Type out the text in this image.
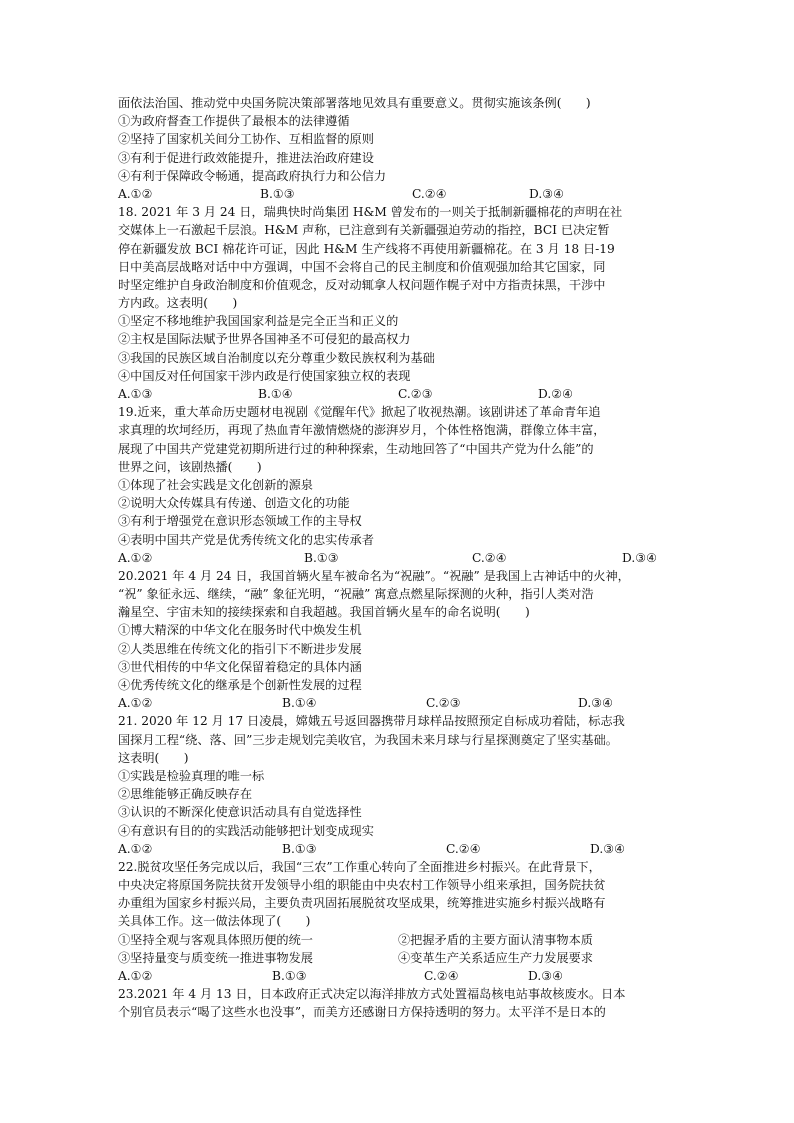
面依法治国、推动党中央国务院决策部署落地见效具有重要意义。贯彻实施该条例(　　)
①为政府督查工作提供了最根本的法律遵循
②坚持了国家机关间分工协作、互相监督的原则
③有利于促进行政效能提升，推进法治政府建设
④有利于保障政令畅通，提高政府执行力和公信力
A.①②	B.①③	C.②④	D.③④
18. 2021 年 3 月 24 日，瑞典快时尚集团 H&M 曾发布的一则关于抵制新疆棉花的声明在社
交媒体上一石激起千层浪。H&M 声称，已注意到有关新疆强迫劳动的指控，BCI 已决定暂
停在新疆发放 BCI 棉花许可证，因此 H&M 生产线将不再使用新疆棉花。在 3 月 18 日-19
日中美高层战略对话中中方强调，中国不会将自己的民主制度和价值观强加给其它国家，同
时坚定维护自身政治制度和价值观念，反对动辄拿人权问题作幌子对中方指责抹黑，干涉中
方内政。这表明(　　)
①坚定不移地维护我国国家利益是完全正当和正义的
②主权是国际法赋予世界各国神圣不可侵犯的最高权力
③我国的民族区域自治制度以充分尊重少数民族权利为基础
④中国反对任何国家干涉内政是行使国家独立权的表现
A.①③	B.①④	C.②③	D.②④
19.近来，重大革命历史题材电视剧《觉醒年代》掀起了收视热潮。该剧讲述了革命青年追
求真理的坎坷经历，再现了热血青年激情燃烧的澎湃岁月，个体性格饱满，群像立体丰富，
展现了中国共产党建党初期所进行过的种种探索，生动地回答了“中国共产党为什么能”的
世界之问，该剧热播(　　)
①体现了社会实践是文化创新的源泉
②说明大众传媒具有传递、创造文化的功能
③有利于增强党在意识形态领域工作的主导权
④表明中国共产党是优秀传统文化的忠实传承者
A.①②	B.①③	C.②④	D.③④
20.2021 年 4 月 24 日，我国首辆火星车被命名为“祝融”。“祝融” 是我国上古神话中的火神，
“祝” 象征永远、继续，“融” 象征光明，“祝融” 寓意点燃星际探测的火种，指引人类对浩
瀚星空、宇宙未知的接续探索和自我超越。我国首辆火星车的命名说明(　　)
①博大精深的中华文化在服务时代中焕发生机
②人类思维在传统文化的指引下不断进步发展
③世代相传的中华文化保留着稳定的具体内涵
④优秀传统文化的继承是个创新性发展的过程
A.①②	B.①④	C.②③	D.③④
21. 2020 年 12 月 17 日凌晨，嫦娥五号返回器携带月球样品按照预定自标成功着陆，标志我
国探月工程“绕、落、回”三步走规划完美收官，为我国未来月球与行星探测奠定了坚实基础。
这表明(　　)
①实践是检验真理的唯一标
②思维能够正确反映存在
③认识的不断深化使意识活动具有自觉选择性
④有意识有目的的实践活动能够把计划变成现实
A.①②	B.①③	C.②④	D.③④
22.脱贫攻坚任务完成以后，我国“三农”工作重心转向了全面推进乡村振兴。在此背景下，
中央决定将原国务院扶贫开发领导小组的职能由中央农村工作领导小组来承担，国务院扶贫
办重组为国家乡村振兴局，主要负责巩固拓展脱贫攻坚成果，统筹推进实施乡村振兴战略有
关具体工作。这一做法体现了(　　)
①坚持全观与客观具体照历便的统一	②把握矛盾的主要方面认清事物本质
③坚持量变与质变统一推进事物发展	④变革生产关系适应生产力发展要求
A.①②	B.①③	C.②④	D.③④
23.2021 年 4 月 13 日，日本政府正式决定以海洋排放方式处置福岛核电站事故核废水。日本
个别官员表示“喝了这些水也没事”，而美方还感谢日方保持透明的努力。太平洋不是日本的
